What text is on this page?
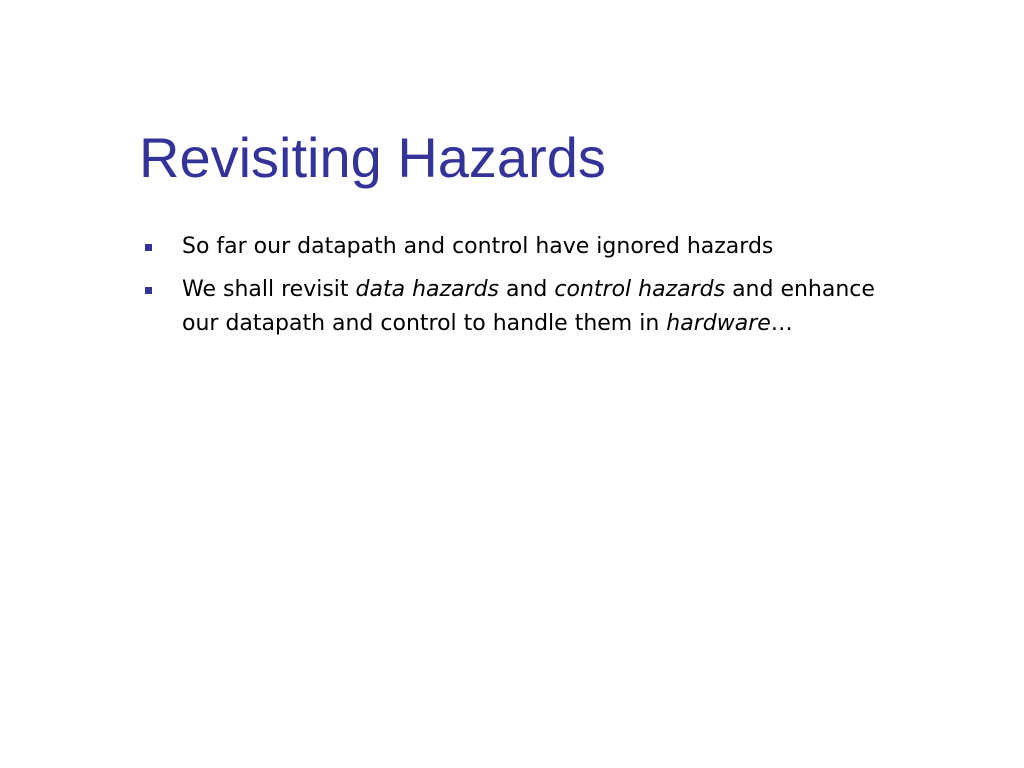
Revisiting Hazards
So far our datapath and control have ignored hazards
We shall revisit data hazards and control hazards and enhance our datapath and control to handle them in hardware…
